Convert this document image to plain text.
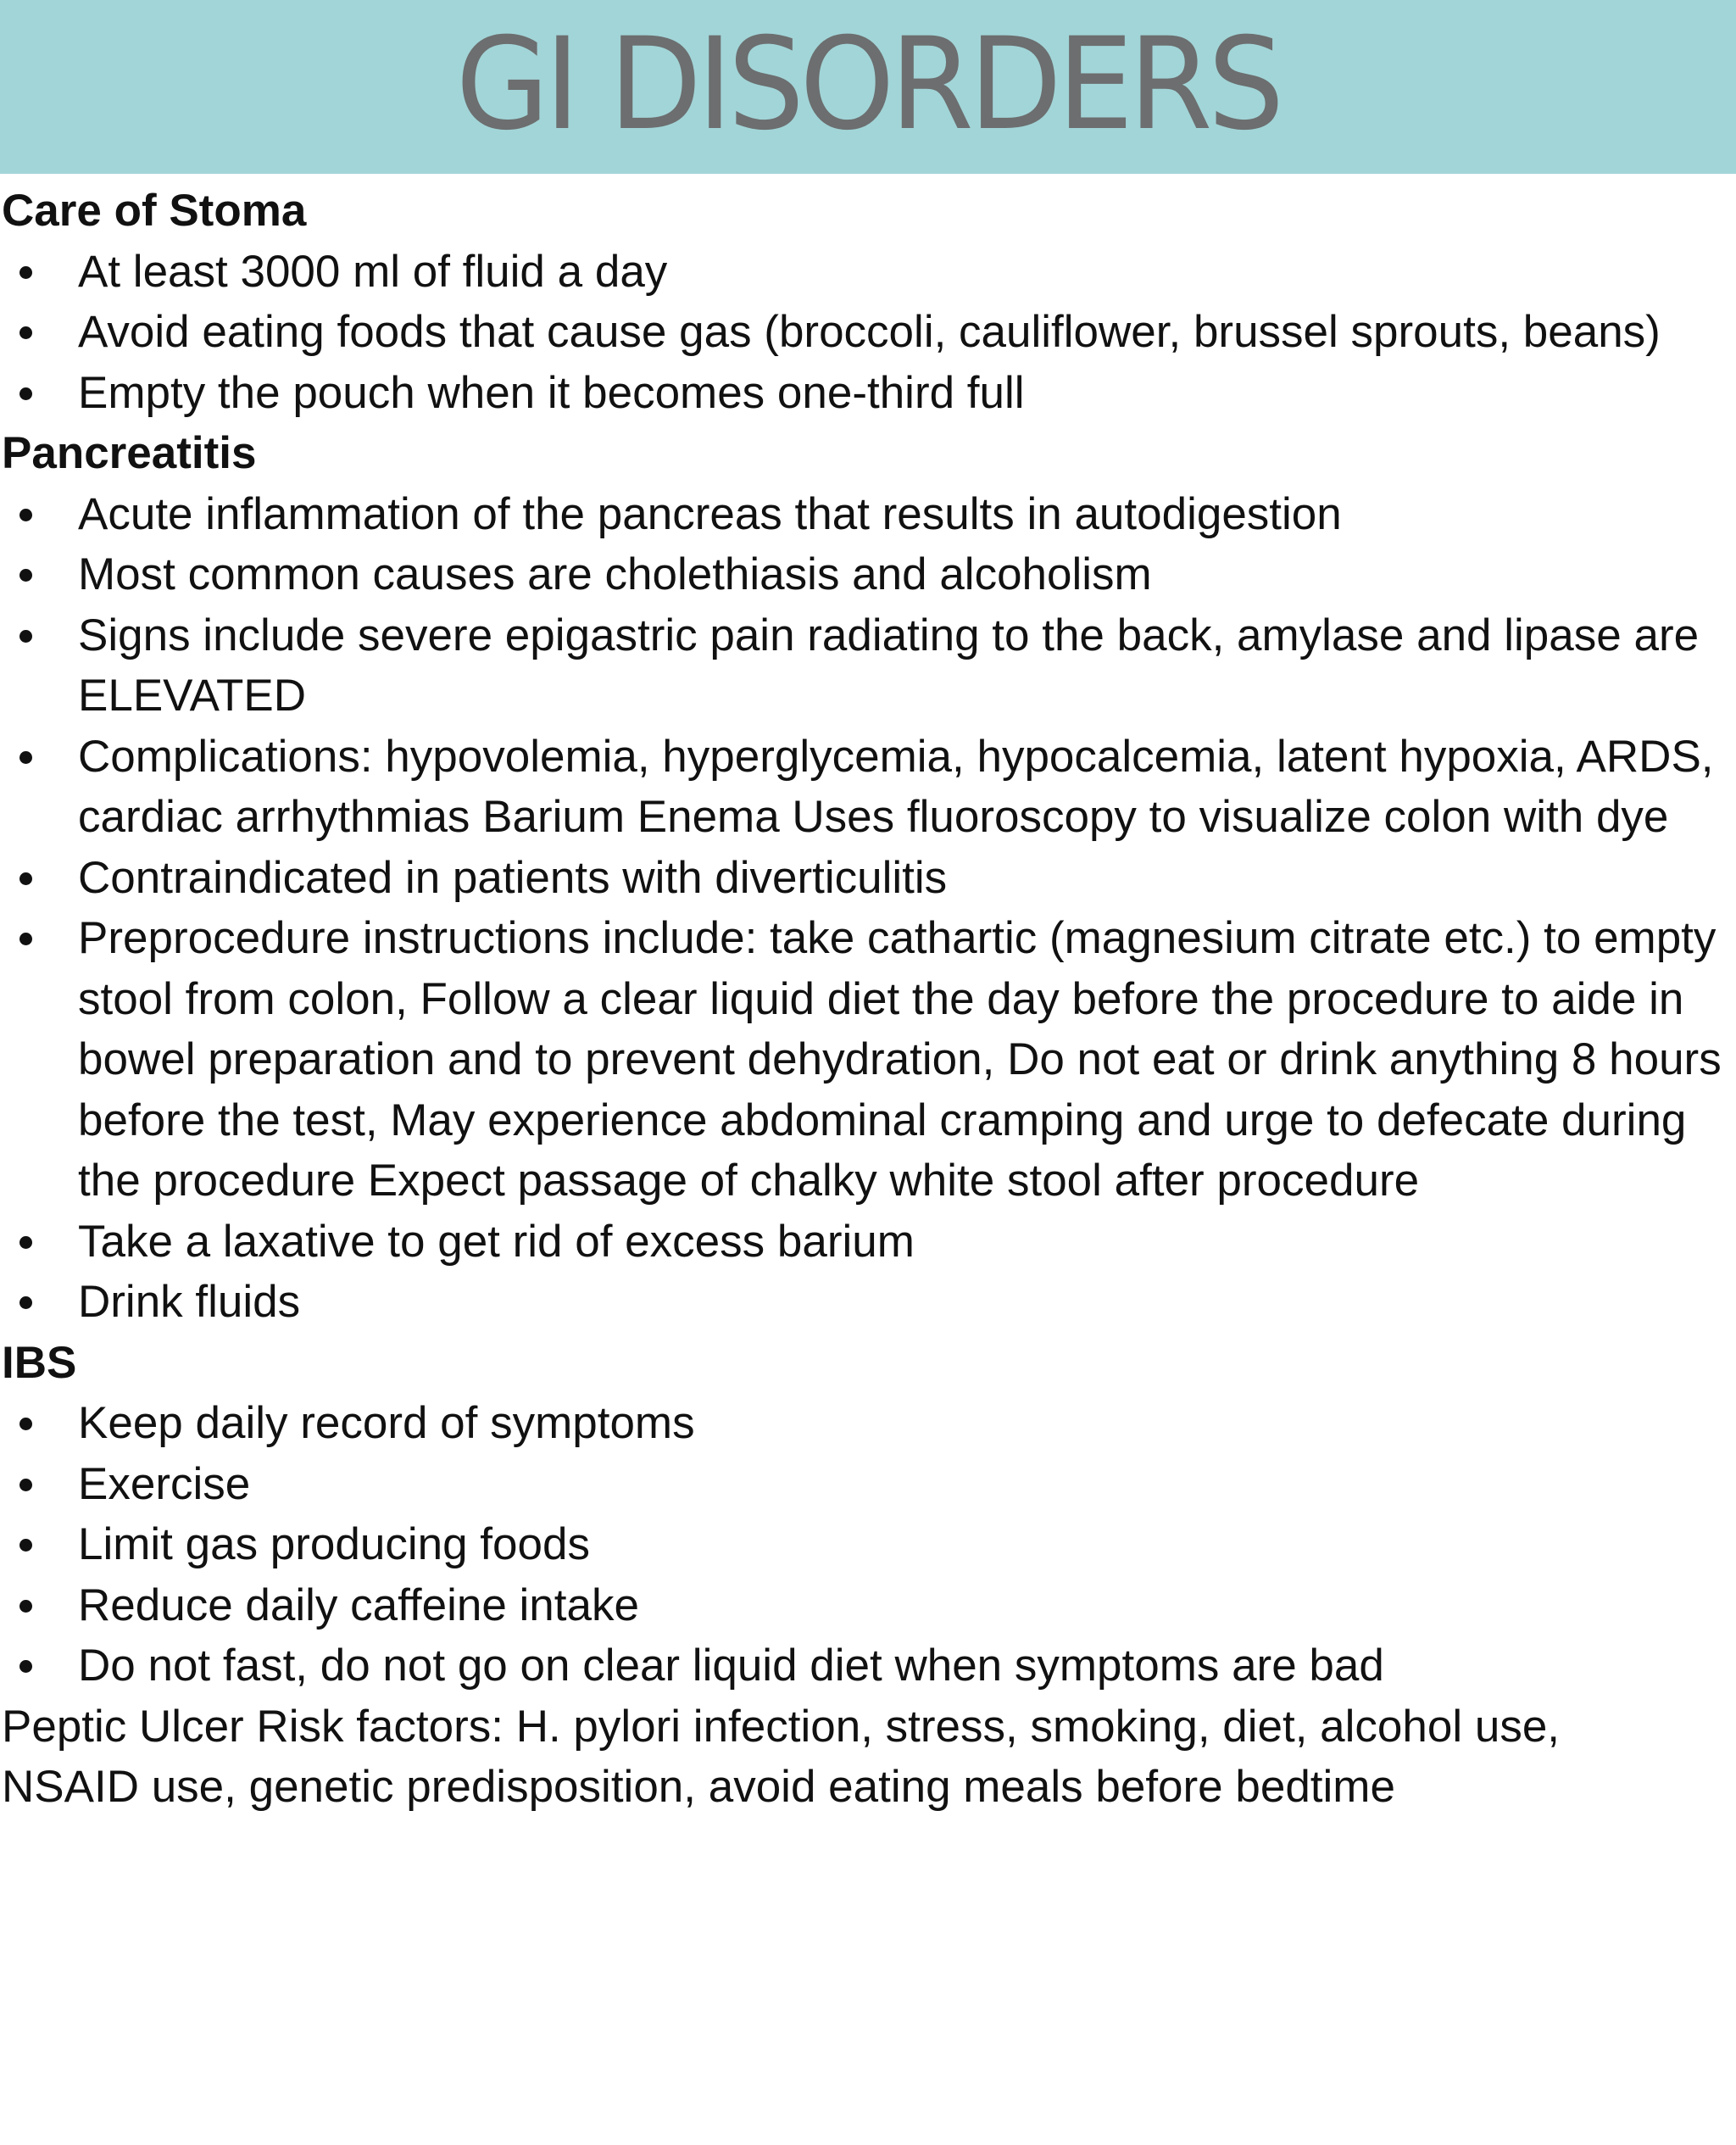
GI DISORDERS
Care of Stoma
At least 3000 ml of fluid a day
Avoid eating foods that cause gas (broccoli, cauliflower, brussel sprouts, beans)
Empty the pouch when it becomes one-third full
Pancreatitis
Acute inflammation of the pancreas that results in autodigestion
Most common causes are cholethiasis and alcoholism
Signs include severe epigastric pain radiating to the back, amylase and lipase are ELEVATED
Complications: hypovolemia, hyperglycemia, hypocalcemia, latent hypoxia, ARDS, cardiac arrhythmias Barium Enema Uses fluoroscopy to visualize colon with dye
Contraindicated in patients with diverticulitis
Preprocedure instructions include: take cathartic (magnesium citrate etc.) to empty stool from colon, Follow a clear liquid diet the day before the procedure to aide in bowel preparation and to prevent dehydration, Do not eat or drink anything 8 hours before the test, May experience abdominal cramping and urge to defecate during the procedure Expect passage of chalky white stool after procedure
Take a laxative to get rid of excess barium
Drink fluids
IBS
Keep daily record of symptoms
Exercise
Limit gas producing foods
Reduce daily caffeine intake
Do not fast, do not go on clear liquid diet when symptoms are bad

Peptic Ulcer Risk factors: H. pylori infection, stress, smoking, diet, alcohol use, NSAID use, genetic predisposition, avoid eating meals before bedtime
